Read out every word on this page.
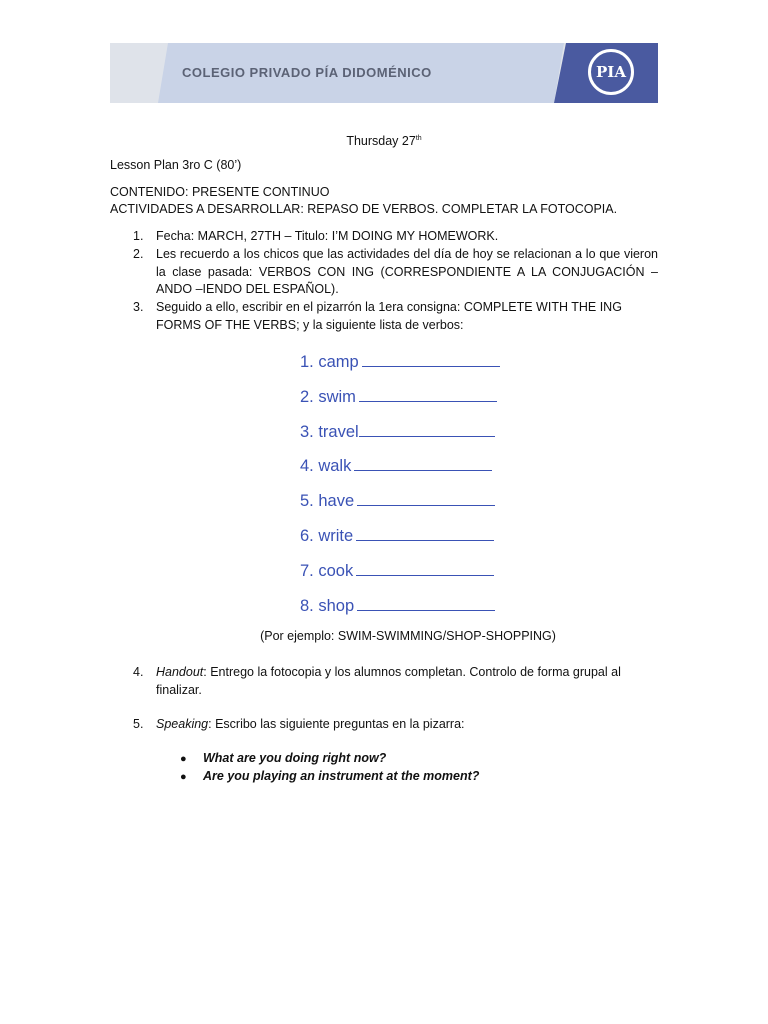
COLEGIO PRIVADO PÍA DIDOMÉNICO	PIA
Thursday 27th
Lesson Plan 3ro C (80’)
CONTENIDO: PRESENTE CONTINUO
ACTIVIDADES A DESARROLLAR: REPASO DE VERBOS. COMPLETAR LA FOTOCOPIA.
1. Fecha: MARCH, 27TH – Titulo: I’M DOING MY HOMEWORK.
2. Les recuerdo a los chicos que las actividades del día de hoy se relacionan a lo que vieron la clase pasada: VERBOS CON ING (CORRESPONDIENTE A LA CONJUGACIÓN –ANDO –IENDO DEL ESPAÑOL).
3. Seguido a ello, escribir en el pizarrón la 1era consigna: COMPLETE WITH THE ING FORMS OF THE VERBS; y la siguiente lista de verbos:
1. camp
2. swim
3. travel
4. walk
5. have
6. write
7. cook
8. shop
(Por ejemplo: SWIM-SWIMMING/SHOP-SHOPPING)
4. Handout: Entrego la fotocopia y los alumnos completan. Controlo de forma grupal al finalizar.
5. Speaking: Escribo las siguiente preguntas en la pizarra:
● What are you doing right now?
● Are you playing an instrument at the moment?
